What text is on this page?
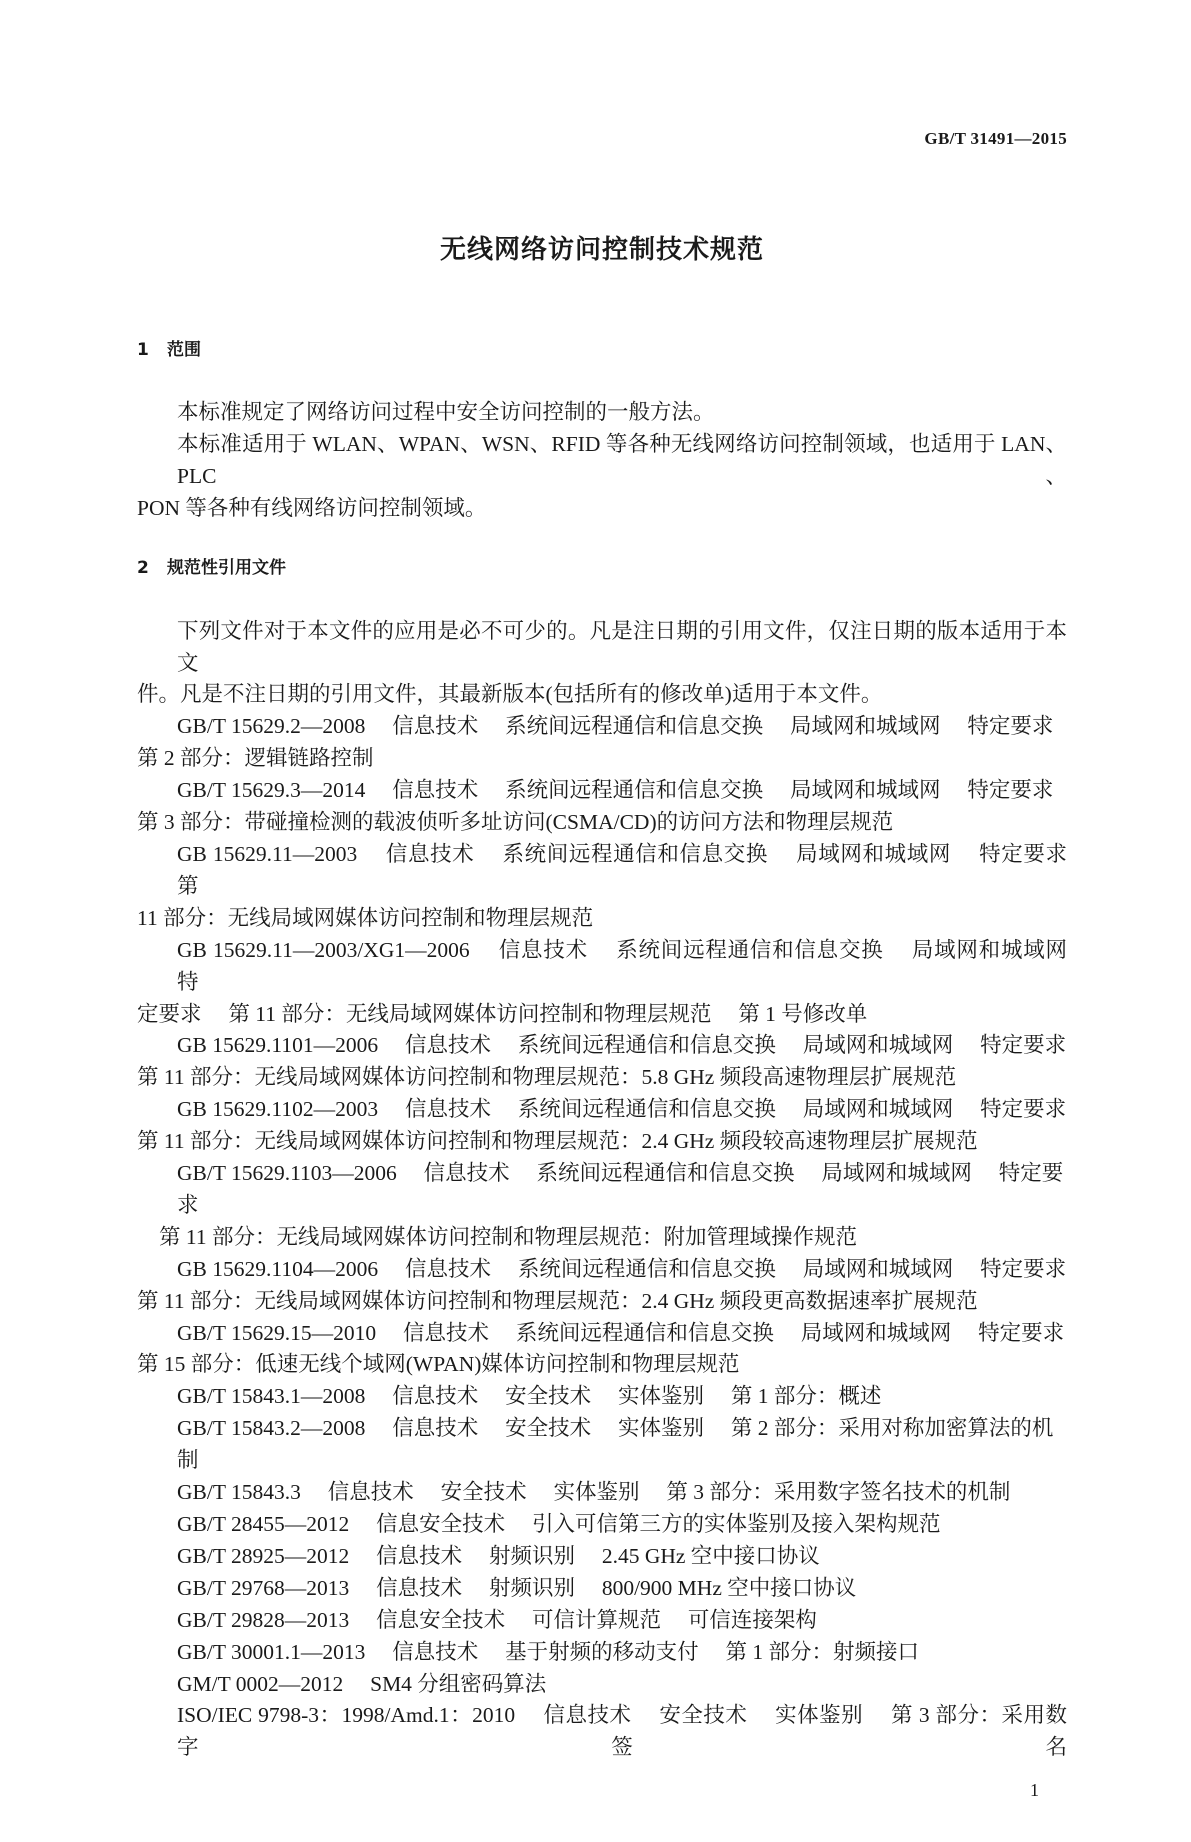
GB/T 31491—2015
无线网络访问控制技术规范
1 范围
本标准规定了网络访问过程中安全访问控制的一般方法。
本标准适用于 WLAN、WPAN、WSN、RFID 等各种无线网络访问控制领域，也适用于 LAN、PLC、
PON 等各种有线网络访问控制领域。
2 规范性引用文件
下列文件对于本文件的应用是必不可少的。凡是注日期的引用文件，仅注日期的版本适用于本文
件。凡是不注日期的引用文件，其最新版本(包括所有的修改单)适用于本文件。
GB/T 15629.2—2008　 信息技术　 系统间远程通信和信息交换　 局域网和城域网　 特定要求
第 2 部分：逻辑链路控制
GB/T 15629.3—2014　 信息技术　 系统间远程通信和信息交换　 局域网和城域网　 特定要求
第 3 部分：带碰撞检测的载波侦听多址访问(CSMA/CD)的访问方法和物理层规范
GB 15629.11—2003　 信息技术　 系统间远程通信和信息交换　 局域网和城域网　 特定要求　 第
11 部分：无线局域网媒体访问控制和物理层规范
GB 15629.11—2003/XG1—2006　 信息技术　 系统间远程通信和信息交换　 局域网和城域网　 特
定要求　 第 11 部分：无线局域网媒体访问控制和物理层规范　 第 1 号修改单
GB 15629.1101—2006　 信息技术　 系统间远程通信和信息交换　 局域网和城域网　 特定要求
第 11 部分：无线局域网媒体访问控制和物理层规范：5.8 GHz 频段高速物理层扩展规范
GB 15629.1102—2003　 信息技术　 系统间远程通信和信息交换　 局域网和城域网　 特定要求
第 11 部分：无线局域网媒体访问控制和物理层规范：2.4 GHz 频段较高速物理层扩展规范
GB/T 15629.1103—2006　 信息技术　 系统间远程通信和信息交换　 局域网和城域网　 特定要求
第 11 部分：无线局域网媒体访问控制和物理层规范：附加管理域操作规范
GB 15629.1104—2006　 信息技术　 系统间远程通信和信息交换　 局域网和城域网　 特定要求
第 11 部分：无线局域网媒体访问控制和物理层规范：2.4 GHz 频段更高数据速率扩展规范
GB/T 15629.15—2010　 信息技术　 系统间远程通信和信息交换　 局域网和城域网　 特定要求
第 15 部分：低速无线个域网(WPAN)媒体访问控制和物理层规范
GB/T 15843.1—2008　 信息技术　 安全技术　 实体鉴别　 第 1 部分：概述
GB/T 15843.2—2008　 信息技术　 安全技术　 实体鉴别　 第 2 部分：采用对称加密算法的机制
GB/T 15843.3　 信息技术　 安全技术　 实体鉴别　 第 3 部分：采用数字签名技术的机制
GB/T 28455—2012　 信息安全技术　 引入可信第三方的实体鉴别及接入架构规范
GB/T 28925—2012　 信息技术　 射频识别　 2.45 GHz 空中接口协议
GB/T 29768—2013　 信息技术　 射频识别　 800/900 MHz 空中接口协议
GB/T 29828—2013　 信息安全技术　 可信计算规范　 可信连接架构
GB/T 30001.1—2013　 信息技术　 基于射频的移动支付　 第 1 部分：射频接口
GM/T 0002—2012　 SM4 分组密码算法
ISO/IEC 9798-3：1998/Amd.1：2010　 信息技术　 安全技术　 实体鉴别　 第 3 部分：采用数字签名
1
